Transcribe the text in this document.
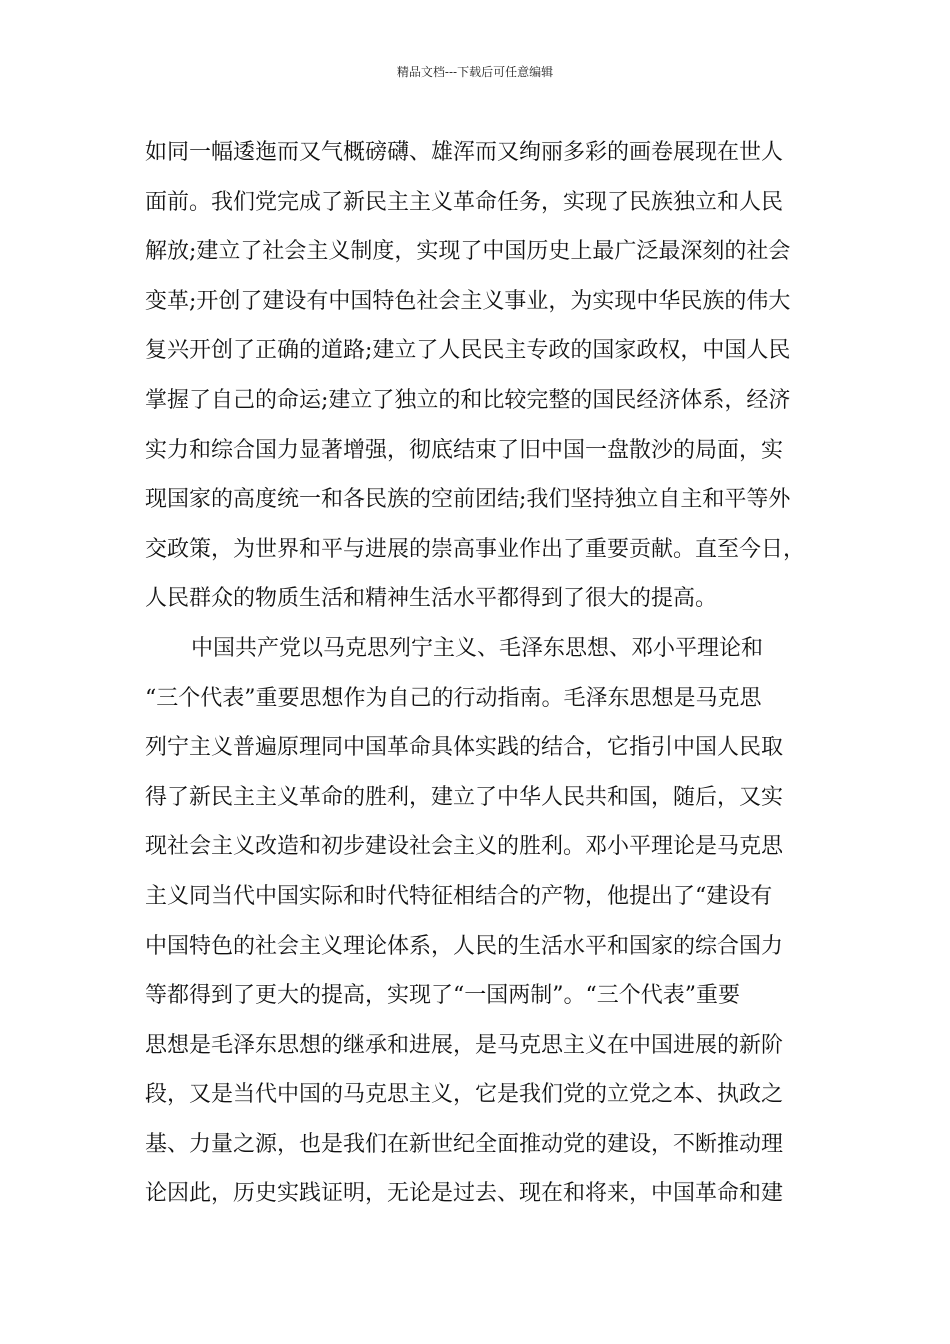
精品文档---下载后可任意编辑
如同一幅逶迤而又气概磅礴、雄浑而又绚丽多彩的画卷展现在世人
面前。我们党完成了新民主主义革命任务，实现了民族独立和人民
解放;建立了社会主义制度，实现了中国历史上最广泛最深刻的社会
变革;开创了建设有中国特色社会主义事业，为实现中华民族的伟大
复兴开创了正确的道路;建立了人民民主专政的国家政权，中国人民
掌握了自己的命运;建立了独立的和比较完整的国民经济体系，经济
实力和综合国力显著增强，彻底结束了旧中国一盘散沙的局面，实
现国家的高度统一和各民族的空前团结;我们坚持独立自主和平等外
交政策，为世界和平与进展的崇高事业作出了重要贡献。直至今日，
人民群众的物质生活和精神生活水平都得到了很大的提高。
中国共产党以马克思列宁主义、毛泽东思想、邓小平理论和
“三个代表”重要思想作为自己的行动指南。毛泽东思想是马克思
列宁主义普遍原理同中国革命具体实践的结合，它指引中国人民取
得了新民主主义革命的胜利，建立了中华人民共和国，随后，又实
现社会主义改造和初步建设社会主义的胜利。邓小平理论是马克思
主义同当代中国实际和时代特征相结合的产物，他提出了“建设有
中国特色的社会主义理论体系，人民的生活水平和国家的综合国力
等都得到了更大的提高，实现了“一国两制”。“三个代表”重要
思想是毛泽东思想的继承和进展，是马克思主义在中国进展的新阶
段，又是当代中国的马克思主义，它是我们党的立党之本、执政之
基、力量之源，也是我们在新世纪全面推动党的建设，不断推动理
论因此，历史实践证明，无论是过去、现在和将来，中国革命和建
